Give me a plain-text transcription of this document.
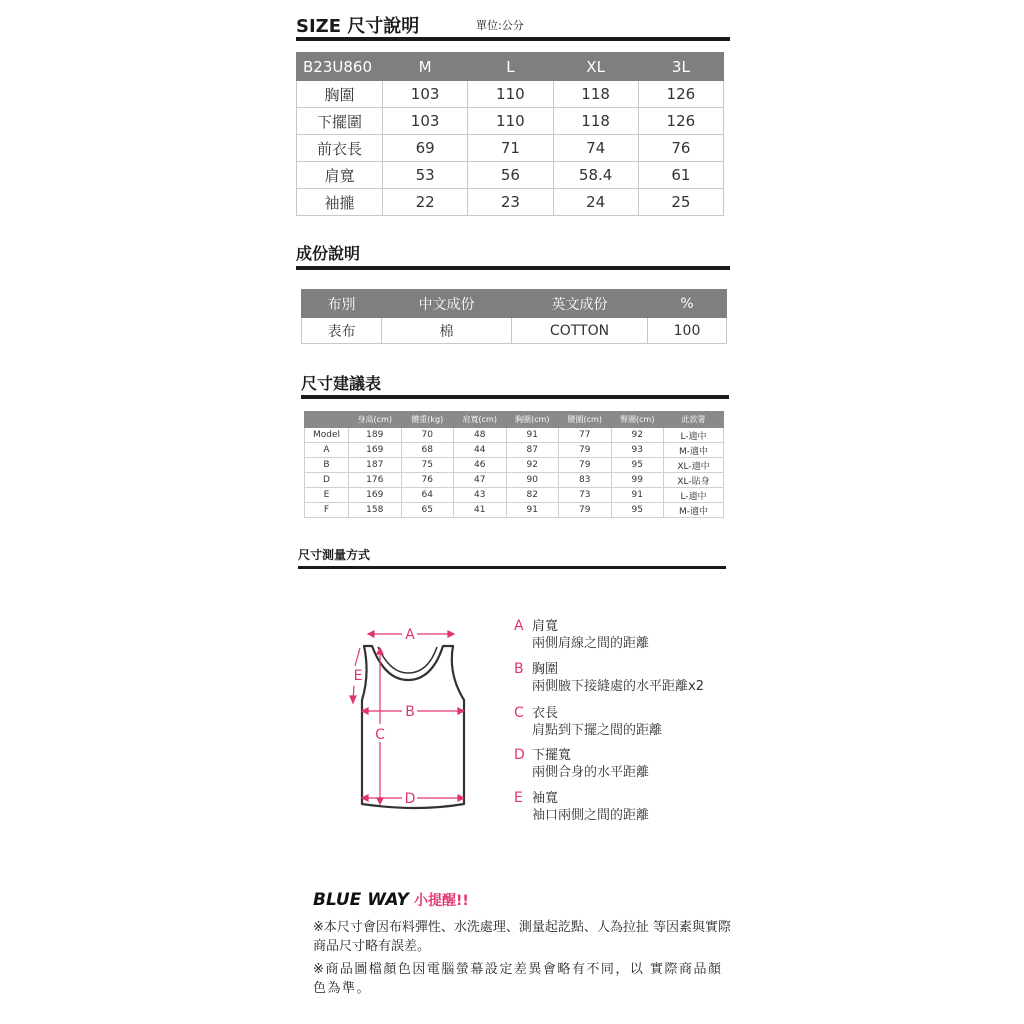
SIZE 尺寸說明	單位:公分
B23U860	M	L	XL	3L
胸圍	103	110	118	126
下擺圍	103	110	118	126
前衣長	69	71	74	76
肩寬	53	56	58.4	61
袖攏	22	23	24	25
成份說明
布別	中文成份	英文成份	%
表布	棉	COTTON	100
尺寸建議表
	身高(cm)	體重(kg)	肩寬(cm)	胸圍(cm)	腰圍(cm)	臀圍(cm)	此款署
Model	189	70	48	91	77	92	L-適中
A	169	68	44	87	79	93	M-適中
B	187	75	46	92	79	95	XL-適中
D	176	76	47	90	83	99	XL-貼身
E	169	64	43	82	73	91	L-適中
F	158	65	41	91	79	95	M-適中
尺寸測量方式
A
B
D
C
E
A 肩寬
兩側肩線之間的距離
B 胸圍
兩側腋下接縫處的水平距離x2
C 衣長
肩點到下擺之間的距離
D 下擺寬
兩側合身的水平距離
E 袖寬
袖口兩側之間的距離
BLUE WAY 小提醒!!
※本尺寸會因布料彈性、水洗處理、測量起訖點、人為拉扯 等因素與實際商品尺寸略有誤差。
※商品圖檔顏色因電腦螢幕設定差異會略有不同，以 實際商品顏色為準。
